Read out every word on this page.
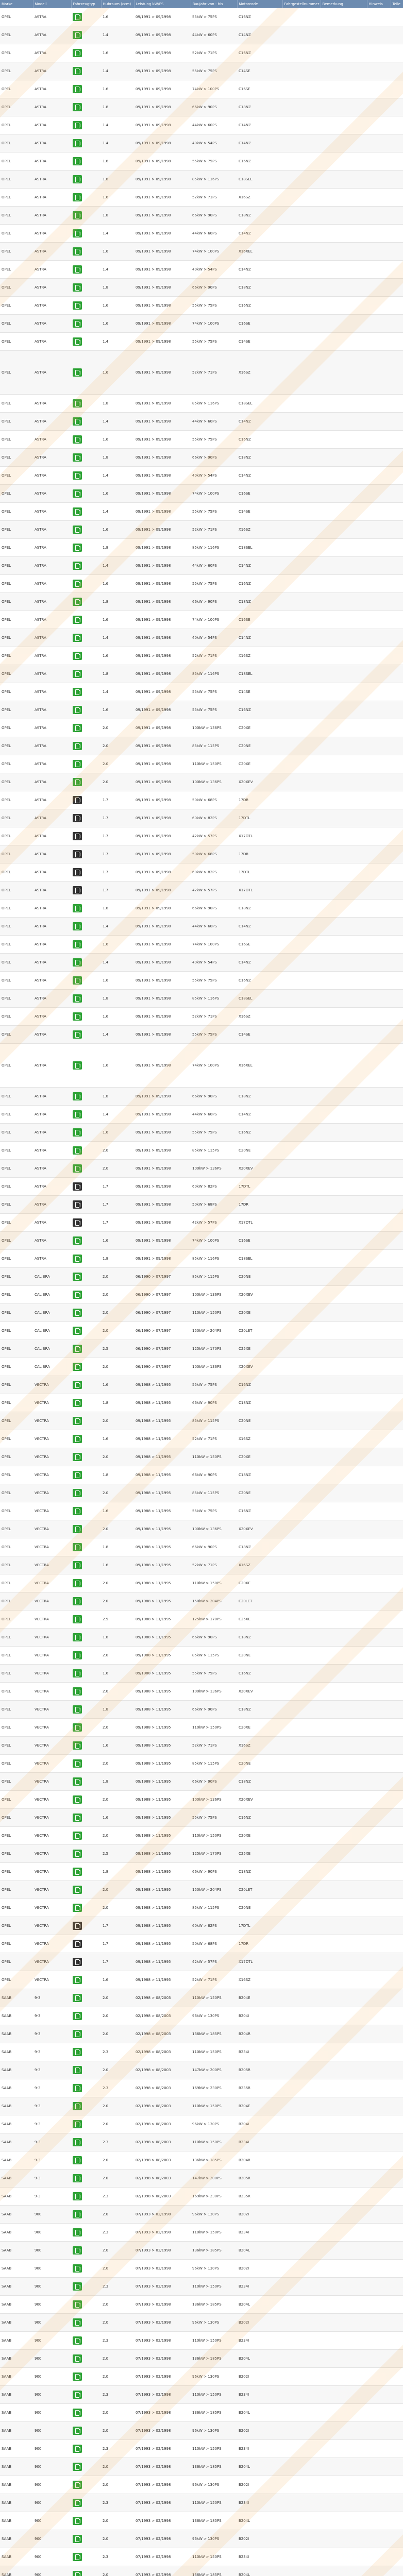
Marke	Modell	Fahrzeugtyp	Hubraum (ccm)	Leistung kW/PS	Baujahr von - bis	Motorcode	Fahrgestellnummer	Bemerkung	Hinweis	Teile
OPEL	ASTRA		1.6	09/1991 > 09/1998	55kW > 75PS	C16NZ				
OPEL	ASTRA		1.4	09/1991 > 09/1998	44kW > 60PS	C14NZ				
OPEL	ASTRA		1.6	09/1991 > 09/1998	52kW > 71PS	C16NZ				
OPEL	ASTRA		1.4	09/1991 > 09/1998	55kW > 75PS	C14SE				
OPEL	ASTRA		1.6	09/1991 > 09/1998	74kW > 100PS	C16SE				
OPEL	ASTRA		1.8	09/1991 > 09/1998	66kW > 90PS	C18NZ				
OPEL	ASTRA		1.4	09/1991 > 09/1998	44kW > 60PS	C14NZ				
OPEL	ASTRA		1.4	09/1991 > 09/1998	40kW > 54PS	C14NZ				
OPEL	ASTRA		1.6	09/1991 > 09/1998	55kW > 75PS	C16NZ				
OPEL	ASTRA		1.8	09/1991 > 09/1998	85kW > 116PS	C18SEL				
OPEL	ASTRA		1.6	09/1991 > 09/1998	52kW > 71PS	X16SZ				
OPEL	ASTRA		1.8	09/1991 > 09/1998	66kW > 90PS	C18NZ				
OPEL	ASTRA		1.4	09/1991 > 09/1998	44kW > 60PS	C14NZ				
OPEL	ASTRA		1.6	09/1991 > 09/1998	74kW > 100PS	X16XEL				
OPEL	ASTRA		1.4	09/1991 > 09/1998	40kW > 54PS	C14NZ				
OPEL	ASTRA		1.8	09/1991 > 09/1998	66kW > 90PS	C18NZ				
OPEL	ASTRA		1.6	09/1991 > 09/1998	55kW > 75PS	C16NZ				
OPEL	ASTRA		1.6	09/1991 > 09/1998	74kW > 100PS	C16SE				
OPEL	ASTRA		1.4	09/1991 > 09/1998	55kW > 75PS	C14SE				
OPEL	ASTRA		1.6	09/1991 > 09/1998	52kW > 71PS	X16SZ				
OPEL	ASTRA		1.8	09/1991 > 09/1998	85kW > 116PS	C18SEL				
OPEL	ASTRA		1.4	09/1991 > 09/1998	44kW > 60PS	C14NZ				
OPEL	ASTRA		1.6	09/1991 > 09/1998	55kW > 75PS	C16NZ				
OPEL	ASTRA		1.8	09/1991 > 09/1998	66kW > 90PS	C18NZ				
OPEL	ASTRA		1.4	09/1991 > 09/1998	40kW > 54PS	C14NZ				
OPEL	ASTRA		1.6	09/1991 > 09/1998	74kW > 100PS	C16SE				
OPEL	ASTRA		1.4	09/1991 > 09/1998	55kW > 75PS	C14SE				
OPEL	ASTRA		1.6	09/1991 > 09/1998	52kW > 71PS	X16SZ				
OPEL	ASTRA		1.8	09/1991 > 09/1998	85kW > 116PS	C18SEL				
OPEL	ASTRA		1.4	09/1991 > 09/1998	44kW > 60PS	C14NZ				
OPEL	ASTRA		1.6	09/1991 > 09/1998	55kW > 75PS	C16NZ				
OPEL	ASTRA		1.8	09/1991 > 09/1998	66kW > 90PS	C18NZ				
OPEL	ASTRA		1.6	09/1991 > 09/1998	74kW > 100PS	C16SE				
OPEL	ASTRA		1.4	09/1991 > 09/1998	40kW > 54PS	C14NZ				
OPEL	ASTRA		1.6	09/1991 > 09/1998	52kW > 71PS	X16SZ				
OPEL	ASTRA		1.8	09/1991 > 09/1998	85kW > 116PS	C18SEL				
OPEL	ASTRA		1.4	09/1991 > 09/1998	55kW > 75PS	C14SE				
OPEL	ASTRA		1.6	09/1991 > 09/1998	55kW > 75PS	C16NZ				
OPEL	ASTRA		2.0	09/1991 > 09/1998	100kW > 136PS	C20XE				
OPEL	ASTRA		2.0	09/1991 > 09/1998	85kW > 115PS	C20NE				
OPEL	ASTRA		2.0	09/1991 > 09/1998	110kW > 150PS	C20XE				
OPEL	ASTRA		2.0	09/1991 > 09/1998	100kW > 136PS	X20XEV				
OPEL	ASTRA		1.7	09/1991 > 09/1998	50kW > 68PS	17DR				
OPEL	ASTRA		1.7	09/1991 > 09/1998	60kW > 82PS	17DTL				
OPEL	ASTRA		1.7	09/1991 > 09/1998	42kW > 57PS	X17DTL				
OPEL	ASTRA		1.7	09/1991 > 09/1998	50kW > 68PS	17DR				
OPEL	ASTRA		1.7	09/1991 > 09/1998	60kW > 82PS	17DTL				
OPEL	ASTRA		1.7	09/1991 > 09/1998	42kW > 57PS	X17DTL				
OPEL	ASTRA		1.8	09/1991 > 09/1998	66kW > 90PS	C18NZ				
OPEL	ASTRA		1.4	09/1991 > 09/1998	44kW > 60PS	C14NZ				
OPEL	ASTRA		1.6	09/1991 > 09/1998	74kW > 100PS	C16SE				
OPEL	ASTRA		1.4	09/1991 > 09/1998	40kW > 54PS	C14NZ				
OPEL	ASTRA		1.6	09/1991 > 09/1998	55kW > 75PS	C16NZ				
OPEL	ASTRA		1.8	09/1991 > 09/1998	85kW > 116PS	C18SEL				
OPEL	ASTRA		1.6	09/1991 > 09/1998	52kW > 71PS	X16SZ				
OPEL	ASTRA		1.4	09/1991 > 09/1998	55kW > 75PS	C14SE				
OPEL	ASTRA		1.6	09/1991 > 09/1998	74kW > 100PS	X16XEL				
OPEL	ASTRA		1.8	09/1991 > 09/1998	66kW > 90PS	C18NZ				
OPEL	ASTRA		1.4	09/1991 > 09/1998	44kW > 60PS	C14NZ				
OPEL	ASTRA		1.6	09/1991 > 09/1998	55kW > 75PS	C16NZ				
OPEL	ASTRA		2.0	09/1991 > 09/1998	85kW > 115PS	C20NE				
OPEL	ASTRA		2.0	09/1991 > 09/1998	100kW > 136PS	X20XEV				
OPEL	ASTRA		1.7	09/1991 > 09/1998	60kW > 82PS	17DTL				
OPEL	ASTRA		1.7	09/1991 > 09/1998	50kW > 68PS	17DR				
OPEL	ASTRA		1.7	09/1991 > 09/1998	42kW > 57PS	X17DTL				
OPEL	ASTRA		1.6	09/1991 > 09/1998	74kW > 100PS	C16SE				
OPEL	ASTRA		1.8	09/1991 > 09/1998	85kW > 116PS	C18SEL				
OPEL	CALIBRA		2.0	06/1990 > 07/1997	85kW > 115PS	C20NE				
OPEL	CALIBRA		2.0	06/1990 > 07/1997	100kW > 136PS	X20XEV				
OPEL	CALIBRA		2.0	06/1990 > 07/1997	110kW > 150PS	C20XE				
OPEL	CALIBRA		2.0	06/1990 > 07/1997	150kW > 204PS	C20LET				
OPEL	CALIBRA		2.5	06/1990 > 07/1997	125kW > 170PS	C25XE				
OPEL	CALIBRA		2.0	06/1990 > 07/1997	100kW > 136PS	X20XEV				
OPEL	VECTRA		1.6	09/1988 > 11/1995	55kW > 75PS	C16NZ				
OPEL	VECTRA		1.8	09/1988 > 11/1995	66kW > 90PS	C18NZ				
OPEL	VECTRA		2.0	09/1988 > 11/1995	85kW > 115PS	C20NE				
OPEL	VECTRA		1.6	09/1988 > 11/1995	52kW > 71PS	X16SZ				
OPEL	VECTRA		2.0	09/1988 > 11/1995	110kW > 150PS	C20XE				
OPEL	VECTRA		1.8	09/1988 > 11/1995	66kW > 90PS	C18NZ				
OPEL	VECTRA		2.0	09/1988 > 11/1995	85kW > 115PS	C20NE				
OPEL	VECTRA		1.6	09/1988 > 11/1995	55kW > 75PS	C16NZ				
OPEL	VECTRA		2.0	09/1988 > 11/1995	100kW > 136PS	X20XEV				
OPEL	VECTRA		1.8	09/1988 > 11/1995	66kW > 90PS	C18NZ				
OPEL	VECTRA		1.6	09/1988 > 11/1995	52kW > 71PS	X16SZ				
OPEL	VECTRA		2.0	09/1988 > 11/1995	110kW > 150PS	C20XE				
OPEL	VECTRA		2.0	09/1988 > 11/1995	150kW > 204PS	C20LET				
OPEL	VECTRA		2.5	09/1988 > 11/1995	125kW > 170PS	C25XE				
OPEL	VECTRA		1.8	09/1988 > 11/1995	66kW > 90PS	C18NZ				
OPEL	VECTRA		2.0	09/1988 > 11/1995	85kW > 115PS	C20NE				
OPEL	VECTRA		1.6	09/1988 > 11/1995	55kW > 75PS	C16NZ				
OPEL	VECTRA		2.0	09/1988 > 11/1995	100kW > 136PS	X20XEV				
OPEL	VECTRA		1.8	09/1988 > 11/1995	66kW > 90PS	C18NZ				
OPEL	VECTRA		2.0	09/1988 > 11/1995	110kW > 150PS	C20XE				
OPEL	VECTRA		1.6	09/1988 > 11/1995	52kW > 71PS	X16SZ				
OPEL	VECTRA		2.0	09/1988 > 11/1995	85kW > 115PS	C20NE				
OPEL	VECTRA		1.8	09/1988 > 11/1995	66kW > 90PS	C18NZ				
OPEL	VECTRA		2.0	09/1988 > 11/1995	100kW > 136PS	X20XEV				
OPEL	VECTRA		1.6	09/1988 > 11/1995	55kW > 75PS	C16NZ				
OPEL	VECTRA		2.0	09/1988 > 11/1995	110kW > 150PS	C20XE				
OPEL	VECTRA		2.5	09/1988 > 11/1995	125kW > 170PS	C25XE				
OPEL	VECTRA		1.8	09/1988 > 11/1995	66kW > 90PS	C18NZ				
OPEL	VECTRA		2.0	09/1988 > 11/1995	150kW > 204PS	C20LET				
OPEL	VECTRA		2.0	09/1988 > 11/1995	85kW > 115PS	C20NE				
OPEL	VECTRA		1.7	09/1988 > 11/1995	60kW > 82PS	17DTL				
OPEL	VECTRA		1.7	09/1988 > 11/1995	50kW > 68PS	17DR				
OPEL	VECTRA		1.7	09/1988 > 11/1995	42kW > 57PS	X17DTL				
OPEL	VECTRA		1.6	09/1988 > 11/1995	52kW > 71PS	X16SZ				
SAAB	9-3		2.0	02/1998 > 08/2003	110kW > 150PS	B204E				
SAAB	9-3		2.0	02/1998 > 08/2003	96kW > 130PS	B204I				
SAAB	9-3		2.0	02/1998 > 08/2003	136kW > 185PS	B204R				
SAAB	9-3		2.3	02/1998 > 08/2003	110kW > 150PS	B234I				
SAAB	9-3		2.0	02/1998 > 08/2003	147kW > 200PS	B205R				
SAAB	9-3		2.3	02/1998 > 08/2003	169kW > 230PS	B235R				
SAAB	9-3		2.0	02/1998 > 08/2003	110kW > 150PS	B204E				
SAAB	9-3		2.0	02/1998 > 08/2003	96kW > 130PS	B204I				
SAAB	9-3		2.3	02/1998 > 08/2003	110kW > 150PS	B234I				
SAAB	9-3		2.0	02/1998 > 08/2003	136kW > 185PS	B204R				
SAAB	9-3		2.0	02/1998 > 08/2003	147kW > 200PS	B205R				
SAAB	9-3		2.3	02/1998 > 08/2003	169kW > 230PS	B235R				
SAAB	900		2.0	07/1993 > 02/1998	96kW > 130PS	B202I				
SAAB	900		2.3	07/1993 > 02/1998	110kW > 150PS	B234I				
SAAB	900		2.0	07/1993 > 02/1998	136kW > 185PS	B204L				
SAAB	900		2.0	07/1993 > 02/1998	96kW > 130PS	B202I				
SAAB	900		2.3	07/1993 > 02/1998	110kW > 150PS	B234I				
SAAB	900		2.0	07/1993 > 02/1998	136kW > 185PS	B204L				
SAAB	900		2.0	07/1993 > 02/1998	96kW > 130PS	B202I				
SAAB	900		2.3	07/1993 > 02/1998	110kW > 150PS	B234I				
SAAB	900		2.0	07/1993 > 02/1998	136kW > 185PS	B204L				
SAAB	900		2.0	07/1993 > 02/1998	96kW > 130PS	B202I				
SAAB	900		2.3	07/1993 > 02/1998	110kW > 150PS	B234I				
SAAB	900		2.0	07/1993 > 02/1998	136kW > 185PS	B204L				
SAAB	900		2.0	07/1993 > 02/1998	96kW > 130PS	B202I				
SAAB	900		2.3	07/1993 > 02/1998	110kW > 150PS	B234I				
SAAB	900		2.0	07/1993 > 02/1998	136kW > 185PS	B204L				
SAAB	900		2.0	07/1993 > 02/1998	96kW > 130PS	B202I				
SAAB	900		2.3	07/1993 > 02/1998	110kW > 150PS	B234I				
SAAB	900		2.0	07/1993 > 02/1998	136kW > 185PS	B204L				
SAAB	900		2.0	07/1993 > 02/1998	96kW > 130PS	B202I				
SAAB	900		2.3	07/1993 > 02/1998	110kW > 150PS	B234I				
SAAB	900		2.0	07/1993 > 02/1998	136kW > 185PS	B204L				
